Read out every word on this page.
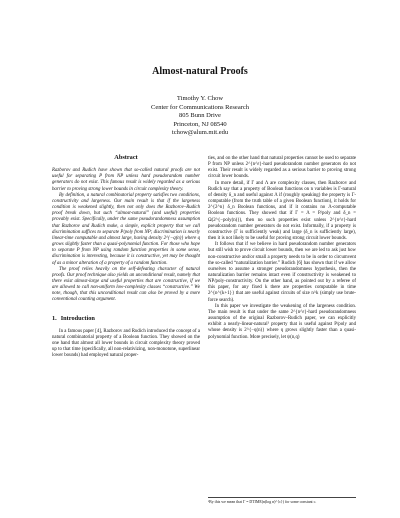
Almost-natural Proofs
Timothy Y. Chow
Center for Communications Research
805 Bunn Drive
Princeton, NJ 08540
tchow@alum.mit.edu
Abstract

Razborov and Rudich have shown that so-called natural proofs are not useful for separating P from NP unless hard pseudorandom number generators do not exist. This famous result is widely regarded as a serious barrier to proving strong lower bounds in circuit complexity theory.

By definition, a natural combinatorial property satisfies two conditions, constructivity and largeness. Our main result is that if the largeness condition is weakened slightly, then not only does the Razborov–Rudich proof break down, but such “almost-natural” (and useful) properties provably exist. Specifically, under the same pseudorandomness assumption that Razborov and Rudich make, a simple, explicit property that we call discrimination suffices to separate P/poly from NP; discrimination is nearly linear-time computable and almost large, having density 2^{−q(n)} where q grows slightly faster than a quasi-polynomial function. For those who hope to separate P from NP using random function properties in some sense, discrimination is interesting, because it is constructive, yet may be thought of as a minor alteration of a property of a random function.

The proof relies heavily on the self-defeating character of natural proofs. Our proof technique also yields an unconditional result, namely that there exist almost-large and useful properties that are constructive, if we are allowed to call non-uniform low-complexity classes “constructive.” We note, though, that this unconditional result can also be proved by a more conventional counting argument.

1. Introduction

In a famous paper [4], Razborov and Rudich introduced the concept of a natural combinatorial property of a Boolean function. They showed on the one hand that almost all lower bounds in circuit complexity theory proved up to that time (specifically, all non-relativizing, non-monotone, superlinear lower bounds) had employed natural proper-

ties, and on the other hand that natural properties cannot be used to separate P from NP unless 2^{n^ε}-hard pseudorandom number generators do not exist. Their result is widely regarded as a serious barrier to proving strong circuit lower bounds.

In more detail, if Γ and Λ are complexity classes, then Razborov and Rudich say that a property of Boolean functions on n variables is Γ-natural of density δ_n and useful against Λ if (roughly speaking) the property is Γ-computable (from the truth table of a given Boolean function), it holds for 2^{2^n} δ_n Boolean functions, and if it contains no Λ-computable Boolean functions. They showed that if Γ = Λ = P/poly and δ_n = Ω(2^{−poly(n)}), then no such properties exist unless 2^{n^ε}-hard pseudorandom number generators do not exist. Informally, if a property is constructive (Γ is sufficiently weak) and large (δ_n is sufficiently large), then it is not likely to be useful for proving strong circuit lower bounds.

It follows that if we believe in hard pseudorandom number generators but still wish to prove circuit lower bounds, then we are led to ask just how non-constructive and/or small a property needs to be in order to circumvent the so-called “naturalization barrier.” Rudich [6] has shown that if we allow ourselves to assume a stronger pseudorandomness hypothesis, then the naturalization barrier remains intact even if constructivity is weakened to NP/poly-constructivity. On the other hand, as pointed out by a referee of this paper, for any fixed k there are properties computable in time 2^{n^{k+1}} that are useful against circuits of size n^k (simply use brute-force search).

In this paper we investigate the weakening of the largeness condition. The main result is that under the same 2^{n^ε}-hard pseudorandomness assumption of the original Razborov–Rudich paper, we can explicitly exhibit a nearly-linear-natural¹ property that is useful against P/poly and whose density is 2^{−q(n)} where q grows slightly faster than a quasi-polynomial function. More precisely, let ψ(n,q)

¹By this we mean that Γ = DTIME(n(log n)^{c}) for some constant c.
